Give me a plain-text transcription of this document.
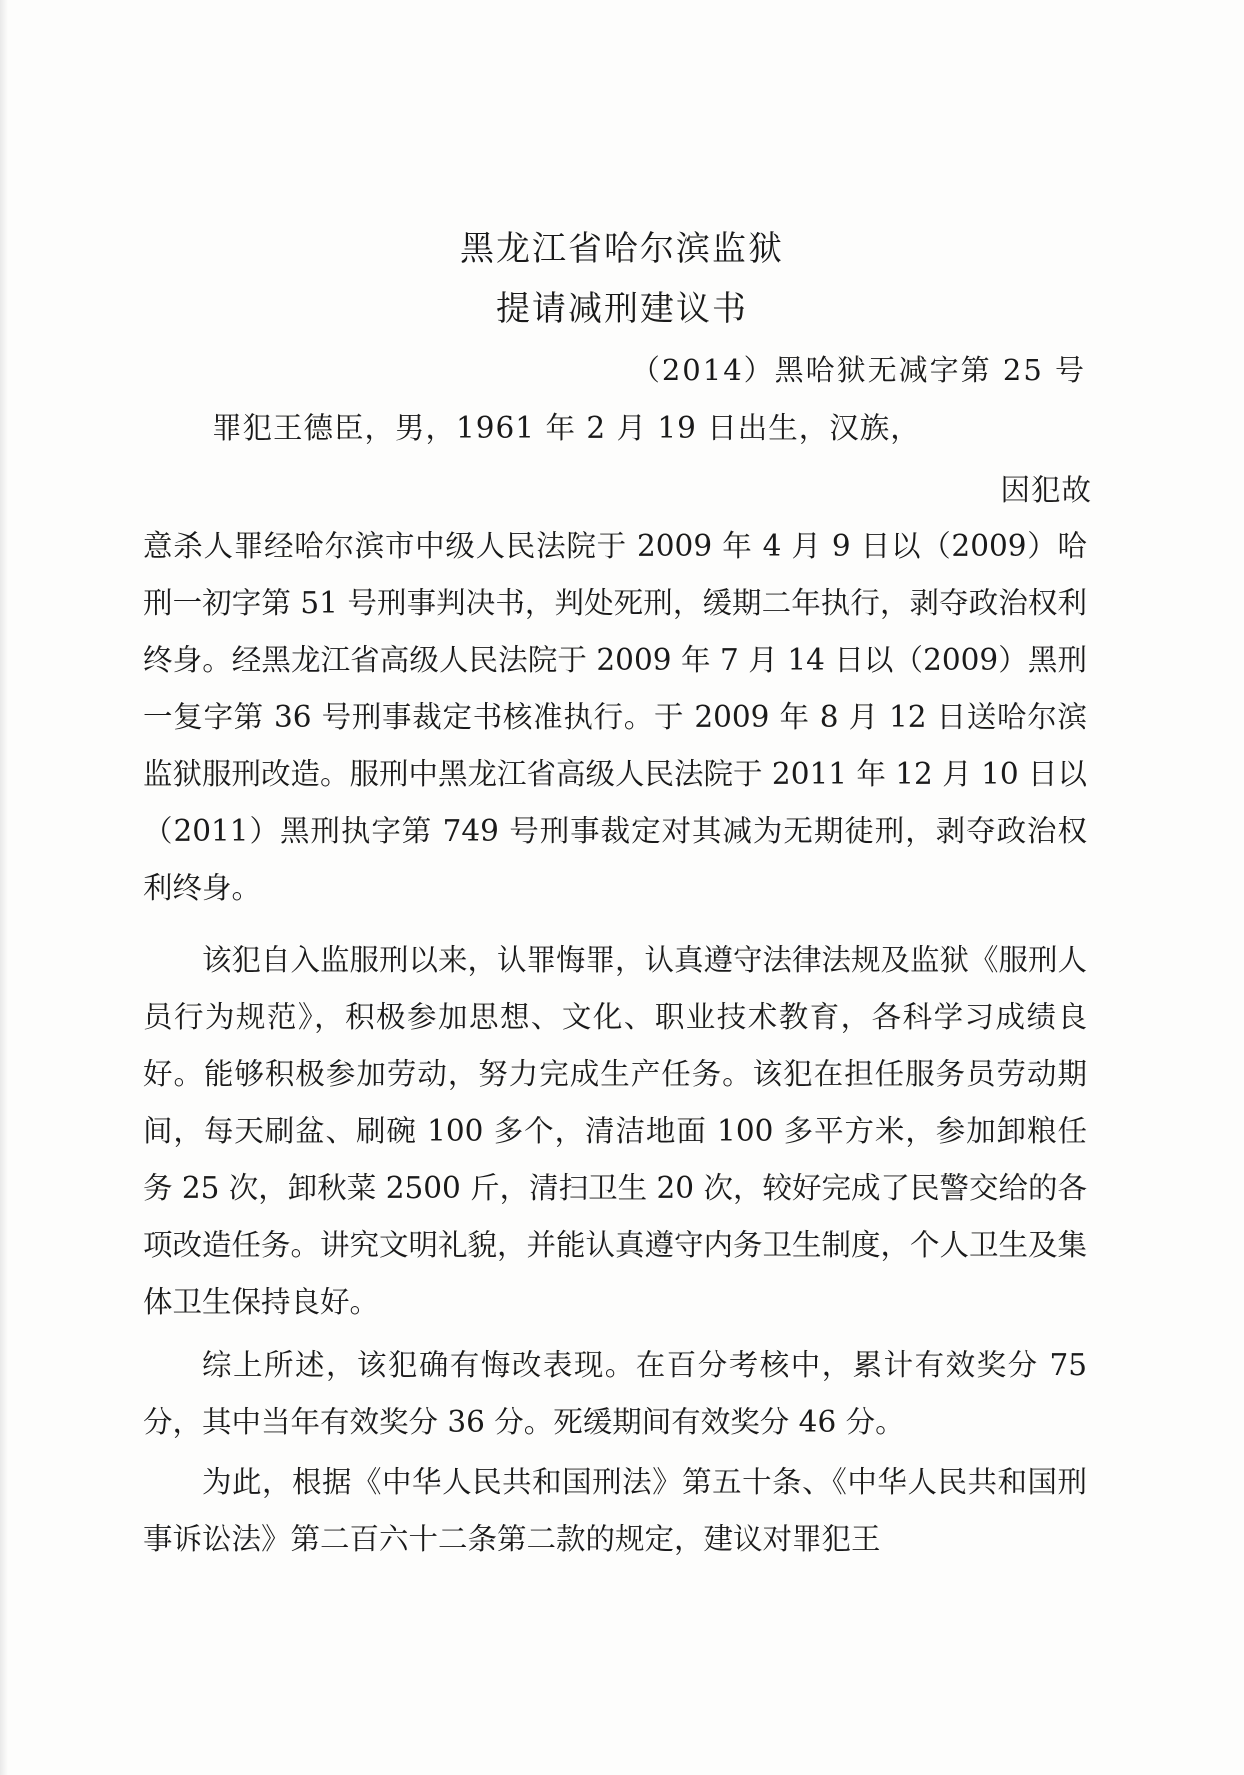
黑龙江省哈尔滨监狱
提请减刑建议书
（2014）黑哈狱无减字第 25 号
罪犯王德臣，男，1961 年 2 月 19 日出生，汉族，
因犯故

意杀人罪经哈尔滨市中级人民法院于 2009 年 4 月 9 日以（2009）哈刑一初字第 51 号刑事判决书，判处死刑，缓期二年执行，剥夺政治权利终身。经黑龙江省高级人民法院于 2009 年 7 月 14 日以（2009）黑刑一复字第 36 号刑事裁定书核准执行。于 2009 年 8 月 12 日送哈尔滨监狱服刑改造。服刑中黑龙江省高级人民法院于 2011 年 12 月 10 日以（2011）黑刑执字第 749 号刑事裁定对其减为无期徒刑，剥夺政治权利终身。

该犯自入监服刑以来，认罪悔罪，认真遵守法律法规及监狱《服刑人员行为规范》，积极参加思想、文化、职业技术教育，各科学习成绩良好。能够积极参加劳动，努力完成生产任务。该犯在担任服务员劳动期间，每天刷盆、刷碗 100 多个，清洁地面 100 多平方米，参加卸粮任务 25 次，卸秋菜 2500 斤，清扫卫生 20 次，较好完成了民警交给的各项改造任务。讲究文明礼貌，并能认真遵守内务卫生制度，个人卫生及集体卫生保持良好。

综上所述，该犯确有悔改表现。在百分考核中，累计有效奖分 75 分，其中当年有效奖分 36 分。死缓期间有效奖分 46 分。

为此，根据《中华人民共和国刑法》第五十条、《中华人民共和国刑事诉讼法》第二百六十二条第二款的规定，建议对罪犯王
